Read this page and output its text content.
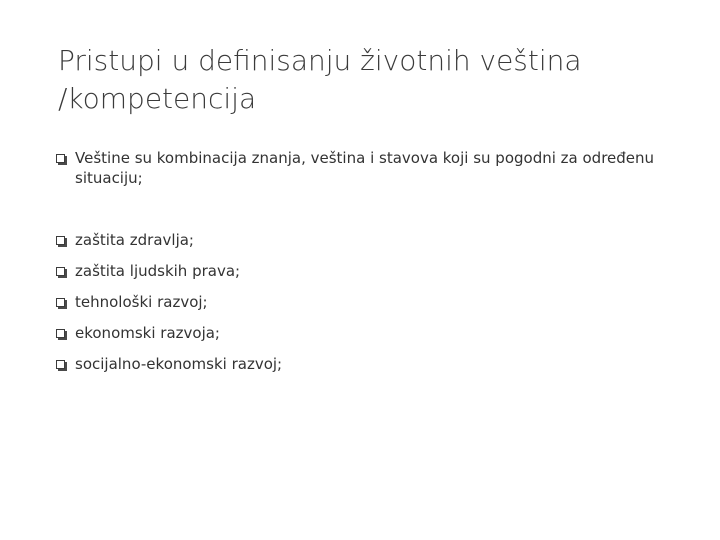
Pristupi u definisanju životnih veština /kompetencija
Veštine su kombinacija znanja, veština i stavova koji su pogodni za određenu situaciju;
zaštita zdravlja;
zaštita ljudskih prava;
tehnološki razvoj;
ekonomski razvoja;
socijalno-ekonomski razvoj;
